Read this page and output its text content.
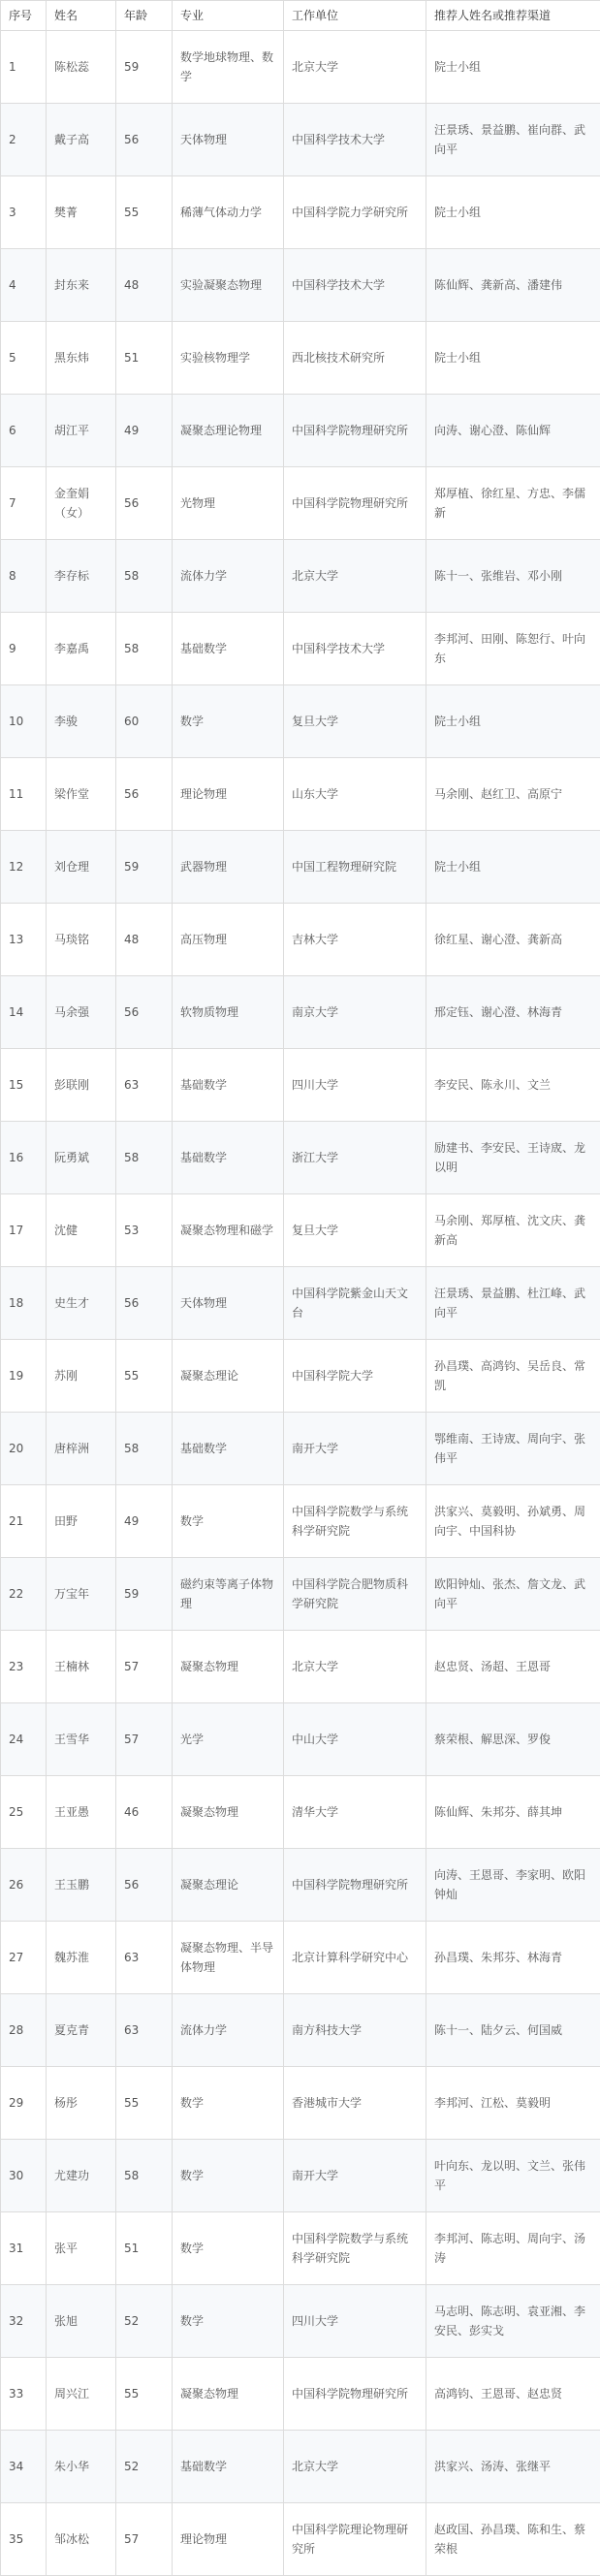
序号	姓名	年龄	专业	工作单位	推荐人姓名或推荐渠道
1	陈松蕊	59	数学地球物理、数学	北京大学	院士小组
2	戴子高	56	天体物理	中国科学技术大学	汪景琇、景益鹏、崔向群、武向平
3	樊菁	55	稀薄气体动力学	中国科学院力学研究所	院士小组
4	封东来	48	实验凝聚态物理	中国科学技术大学	陈仙辉、龚新高、潘建伟
5	黑东炜	51	实验核物理学	西北核技术研究所	院士小组
6	胡江平	49	凝聚态理论物理	中国科学院物理研究所	向涛、谢心澄、陈仙辉
7	金奎娟（女）	56	光物理	中国科学院物理研究所	郑厚植、徐红星、方忠、李儒新
8	李存标	58	流体力学	北京大学	陈十一、张维岩、邓小刚
9	李嘉禹	58	基础数学	中国科学技术大学	李邦河、田刚、陈恕行、叶向东
10	李骏	60	数学	复旦大学	院士小组
11	梁作堂	56	理论物理	山东大学	马余刚、赵红卫、高原宁
12	刘仓理	59	武器物理	中国工程物理研究院	院士小组
13	马琰铭	48	高压物理	吉林大学	徐红星、谢心澄、龚新高
14	马余强	56	软物质物理	南京大学	邢定钰、谢心澄、林海青
15	彭联刚	63	基础数学	四川大学	李安民、陈永川、文兰
16	阮勇斌	58	基础数学	浙江大学	励建书、李安民、王诗宬、龙以明
17	沈健	53	凝聚态物理和磁学	复旦大学	马余刚、郑厚植、沈文庆、龚新高
18	史生才	56	天体物理	中国科学院紫金山天文台	汪景琇、景益鹏、杜江峰、武向平
19	苏刚	55	凝聚态理论	中国科学院大学	孙昌璞、高鸿钧、吴岳良、常凯
20	唐梓洲	58	基础数学	南开大学	鄂维南、王诗宬、周向宇、张伟平
21	田野	49	数学	中国科学院数学与系统科学研究院	洪家兴、莫毅明、孙斌勇、周向宇、中国科协
22	万宝年	59	磁约束等离子体物理	中国科学院合肥物质科学研究院	欧阳钟灿、张杰、詹文龙、武向平
23	王楠林	57	凝聚态物理	北京大学	赵忠贤、汤超、王恩哥
24	王雪华	57	光学	中山大学	蔡荣根、解思深、罗俊
25	王亚愚	46	凝聚态物理	清华大学	陈仙辉、朱邦芬、薛其坤
26	王玉鹏	56	凝聚态理论	中国科学院物理研究所	向涛、王恩哥、李家明、欧阳钟灿
27	魏苏淮	63	凝聚态物理、半导体物理	北京计算科学研究中心	孙昌璞、朱邦芬、林海青
28	夏克青	63	流体力学	南方科技大学	陈十一、陆夕云、何国威
29	杨彤	55	数学	香港城市大学	李邦河、江松、莫毅明
30	尤建功	58	数学	南开大学	叶向东、龙以明、文兰、张伟平
31	张平	51	数学	中国科学院数学与系统科学研究院	李邦河、陈志明、周向宇、汤涛
32	张旭	52	数学	四川大学	马志明、陈志明、袁亚湘、李安民、彭实戈
33	周兴江	55	凝聚态物理	中国科学院物理研究所	高鸿钧、王恩哥、赵忠贤
34	朱小华	52	基础数学	北京大学	洪家兴、汤涛、张继平
35	邹冰松	57	理论物理	中国科学院理论物理研究所	赵政国、孙昌璞、陈和生、蔡荣根
